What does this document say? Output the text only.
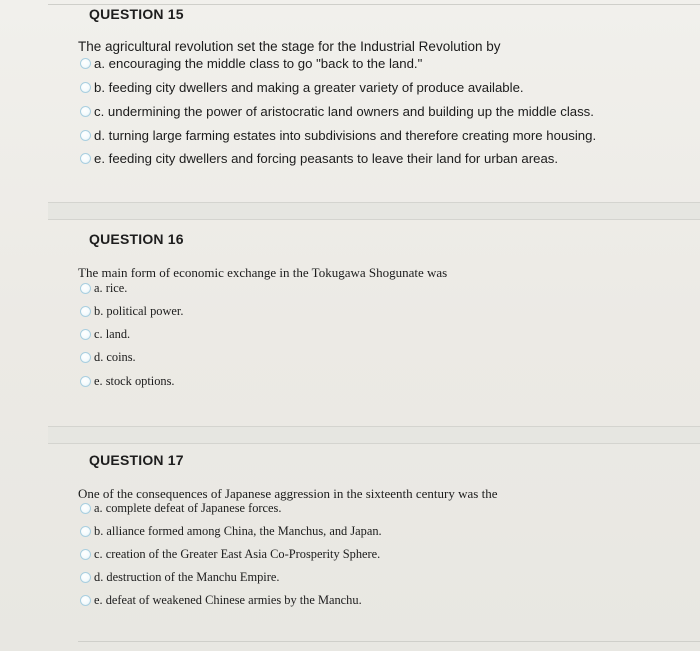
QUESTION 15
The agricultural revolution set the stage for the Industrial Revolution by
a. encouraging the middle class to go "back to the land."
b. feeding city dwellers and making a greater variety of produce available.
c. undermining the power of aristocratic land owners and building up the middle class.
d. turning large farming estates into subdivisions and therefore creating more housing.
e. feeding city dwellers and forcing peasants to leave their land for urban areas.
QUESTION 16
The main form of economic exchange in the Tokugawa Shogunate was
a. rice.
b. political power.
c. land.
d. coins.
e. stock options.
QUESTION 17
One of the consequences of Japanese aggression in the sixteenth century was the
a. complete defeat of Japanese forces.
b. alliance formed among China, the Manchus, and Japan.
c. creation of the Greater East Asia Co-Prosperity Sphere.
d. destruction of the Manchu Empire.
e. defeat of weakened Chinese armies by the Manchu.
